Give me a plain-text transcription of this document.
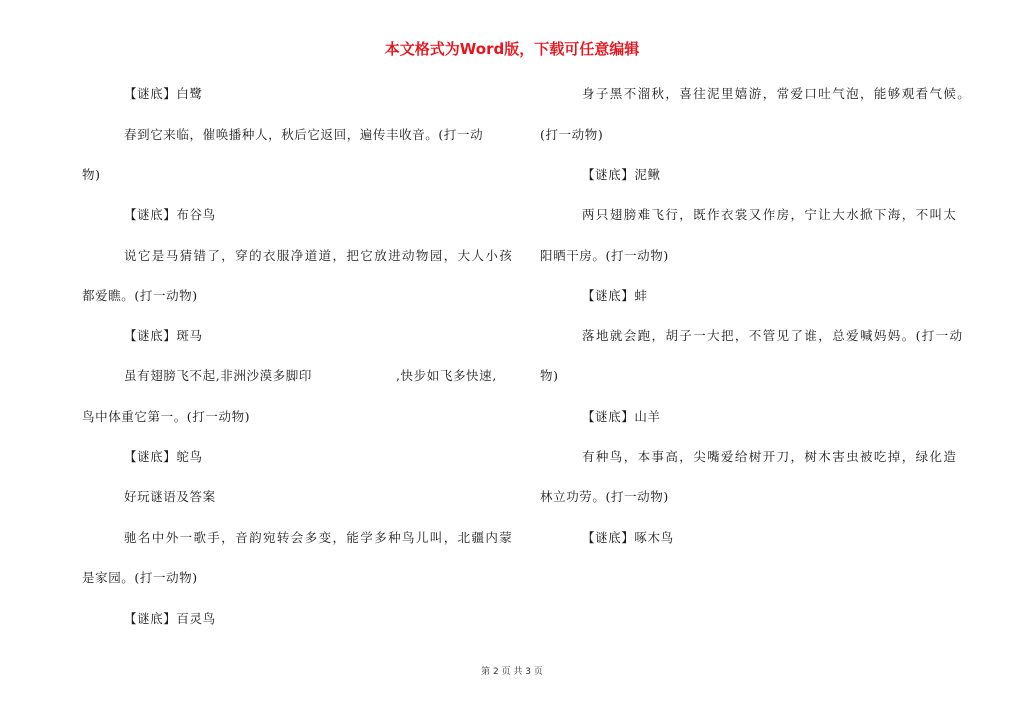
本文格式为Word版，下载可任意编辑
【谜底】白鹭
春到它来临，催唤播种人，秋后它返回，遍传丰收音。(打一动
物)
【谜底】布谷鸟
说它是马猜错了，穿的衣服净道道，把它放进动物园，大人小孩
都爱瞧。(打一动物)
【谜底】斑马
虽有翅膀飞不起,非洲沙漠多脚印	,快步如飞多快速,
鸟中体重它第一。(打一动物)
【谜底】鸵鸟
好玩谜语及答案
驰名中外一歌手，音韵宛转会多变，能学多种鸟儿叫，北疆内蒙
是家园。(打一动物)
【谜底】百灵鸟
身子黑不溜秋，喜往泥里嬉游，常爱口吐气泡，能够观看气候。
(打一动物)
【谜底】泥鳅
两只翅膀难飞行，既作衣裳又作房，宁让大水掀下海，不叫太
阳晒干房。(打一动物)
【谜底】蚌
落地就会跑，胡子一大把，不管见了谁，总爱喊妈妈。(打一动
物)
【谜底】山羊
有种鸟，本事高，尖嘴爱给树开刀，树木害虫被吃掉，绿化造
林立功劳。(打一动物)
【谜底】啄木鸟
第 2 页 共 3 页
